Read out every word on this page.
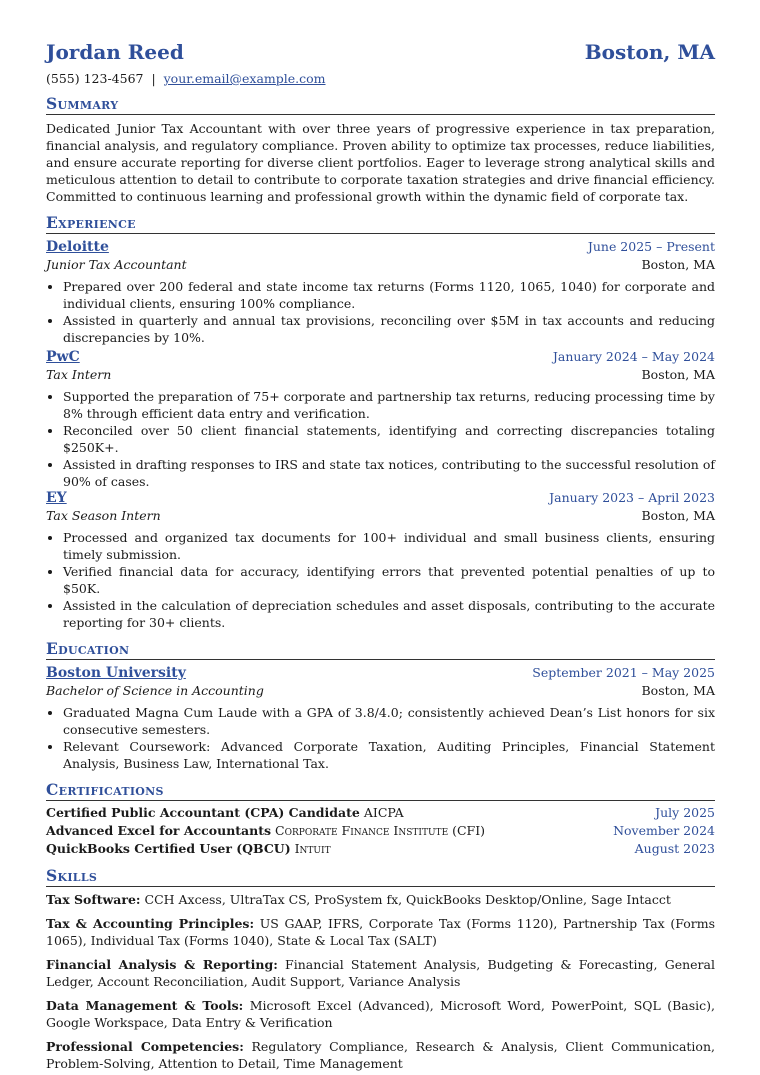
Jordan Reed	Boston, MA
(555) 123-4567 | your.email@example.com
Summary
Dedicated Junior Tax Accountant with over three years of progressive experience in tax preparation, financial analysis, and regulatory compliance. Proven ability to optimize tax processes, reduce liabilities, and ensure accurate reporting for diverse client portfolios. Eager to leverage strong analytical skills and meticulous attention to detail to contribute to corporate taxation strategies and drive financial efficiency. Committed to continuous learning and professional growth within the dynamic field of corporate tax.
Experience
Deloitte	June 2025 – Present
Junior Tax Accountant	Boston, MA
• Prepared over 200 federal and state income tax returns (Forms 1120, 1065, 1040) for corporate and individual clients, ensuring 100% compliance.
• Assisted in quarterly and annual tax provisions, reconciling over $5M in tax accounts and reducing discrepancies by 10%.
PwC	January 2024 – May 2024
Tax Intern	Boston, MA
• Supported the preparation of 75+ corporate and partnership tax returns, reducing processing time by 8% through efficient data entry and verification.
• Reconciled over 50 client financial statements, identifying and correcting discrepancies totaling $250K+.
• Assisted in drafting responses to IRS and state tax notices, contributing to the successful resolution of 90% of cases.
EY	January 2023 – April 2023
Tax Season Intern	Boston, MA
• Processed and organized tax documents for 100+ individual and small business clients, ensuring timely submission.
• Verified financial data for accuracy, identifying errors that prevented potential penalties of up to $50K.
• Assisted in the calculation of depreciation schedules and asset disposals, contributing to the accurate reporting for 30+ clients.
Education
Boston University	September 2021 – May 2025
Bachelor of Science in Accounting	Boston, MA
• Graduated Magna Cum Laude with a GPA of 3.8/4.0; consistently achieved Dean’s List honors for six consecutive semesters.
• Relevant Coursework: Advanced Corporate Taxation, Auditing Principles, Financial Statement Analysis, Business Law, International Tax.
Certifications
Certified Public Accountant (CPA) Candidate AICPA	July 2025
Advanced Excel for Accountants Corporate Finance Institute (CFI)	November 2024
QuickBooks Certified User (QBCU) Intuit	August 2023
Skills
Tax Software: CCH Axcess, UltraTax CS, ProSystem fx, QuickBooks Desktop/Online, Sage Intacct
Tax & Accounting Principles: US GAAP, IFRS, Corporate Tax (Forms 1120), Partnership Tax (Forms 1065), Individual Tax (Forms 1040), State & Local Tax (SALT)
Financial Analysis & Reporting: Financial Statement Analysis, Budgeting & Forecasting, General Ledger, Account Reconciliation, Audit Support, Variance Analysis
Data Management & Tools: Microsoft Excel (Advanced), Microsoft Word, PowerPoint, SQL (Basic), Google Workspace, Data Entry & Verification
Professional Competencies: Regulatory Compliance, Research & Analysis, Client Communication, Problem-Solving, Attention to Detail, Time Management
